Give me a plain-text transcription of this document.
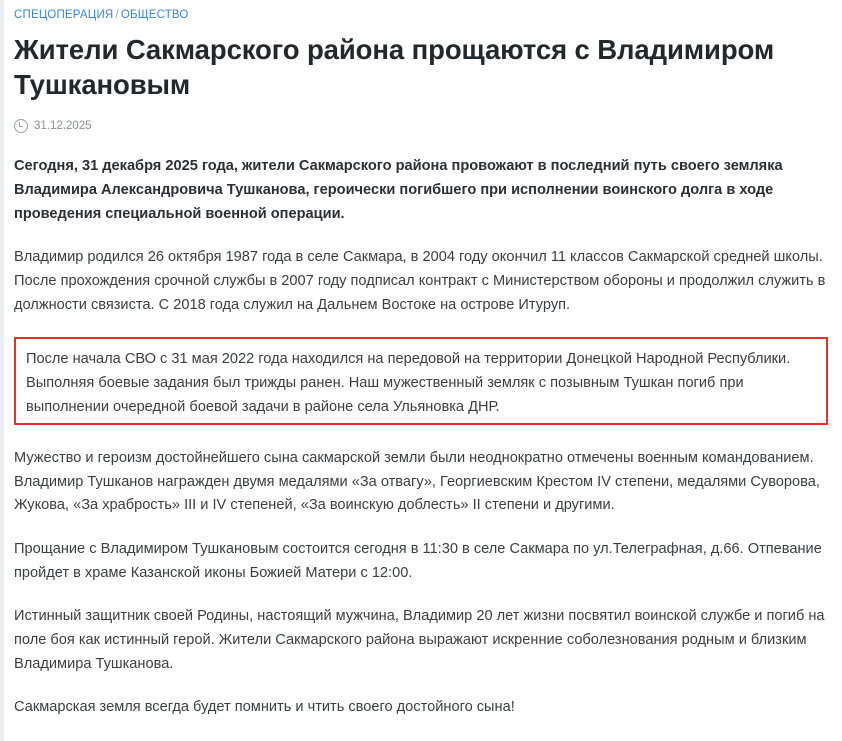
СПЕЦОПЕРАЦИЯ / ОБЩЕСТВО
Жители Сакмарского района прощаются с Владимиром Тушкановым
31.12.2025

Сегодня, 31 декабря 2025 года, жители Сакмарского района провожают в последний путь своего земляка Владимира Александровича Тушканова, героически погибшего при исполнении воинского долга в ходе проведения специальной военной операции.

Владимир родился 26 октября 1987 года в селе Сакмара, в 2004 году окончил 11 классов Сакмарской средней школы. После прохождения срочной службы в 2007 году подписал контракт с Министерством обороны и продолжил служить в должности связиста. С 2018 года служил на Дальнем Востоке на острове Итуруп.

После начала СВО с 31 мая 2022 года находился на передовой на территории Донецкой Народной Республики. Выполняя боевые задания был трижды ранен. Наш мужественный земляк с позывным Тушкан погиб при выполнении очередной боевой задачи в районе села Ульяновка ДНР.

Мужество и героизм достойнейшего сына сакмарской земли были неоднократно отмечены военным командованием. Владимир Тушканов награжден двумя медалями «За отвагу», Георгиевским Крестом IV степени, медалями Суворова, Жукова, «За храбрость» III и IV степеней, «За воинскую доблесть» II степени и другими.

Прощание с Владимиром Тушкановым состоится сегодня в 11:30 в селе Сакмара по ул.Телеграфная, д.66. Отпевание пройдет в храме Казанской иконы Божией Матери с 12:00.

Истинный защитник своей Родины, настоящий мужчина, Владимир 20 лет жизни посвятил воинской службе и погиб на поле боя как истинный герой. Жители Сакмарского района выражают искренние соболезнования родным и близким Владимира Тушканова.

Сакмарская земля всегда будет помнить и чтить своего достойного сына!
